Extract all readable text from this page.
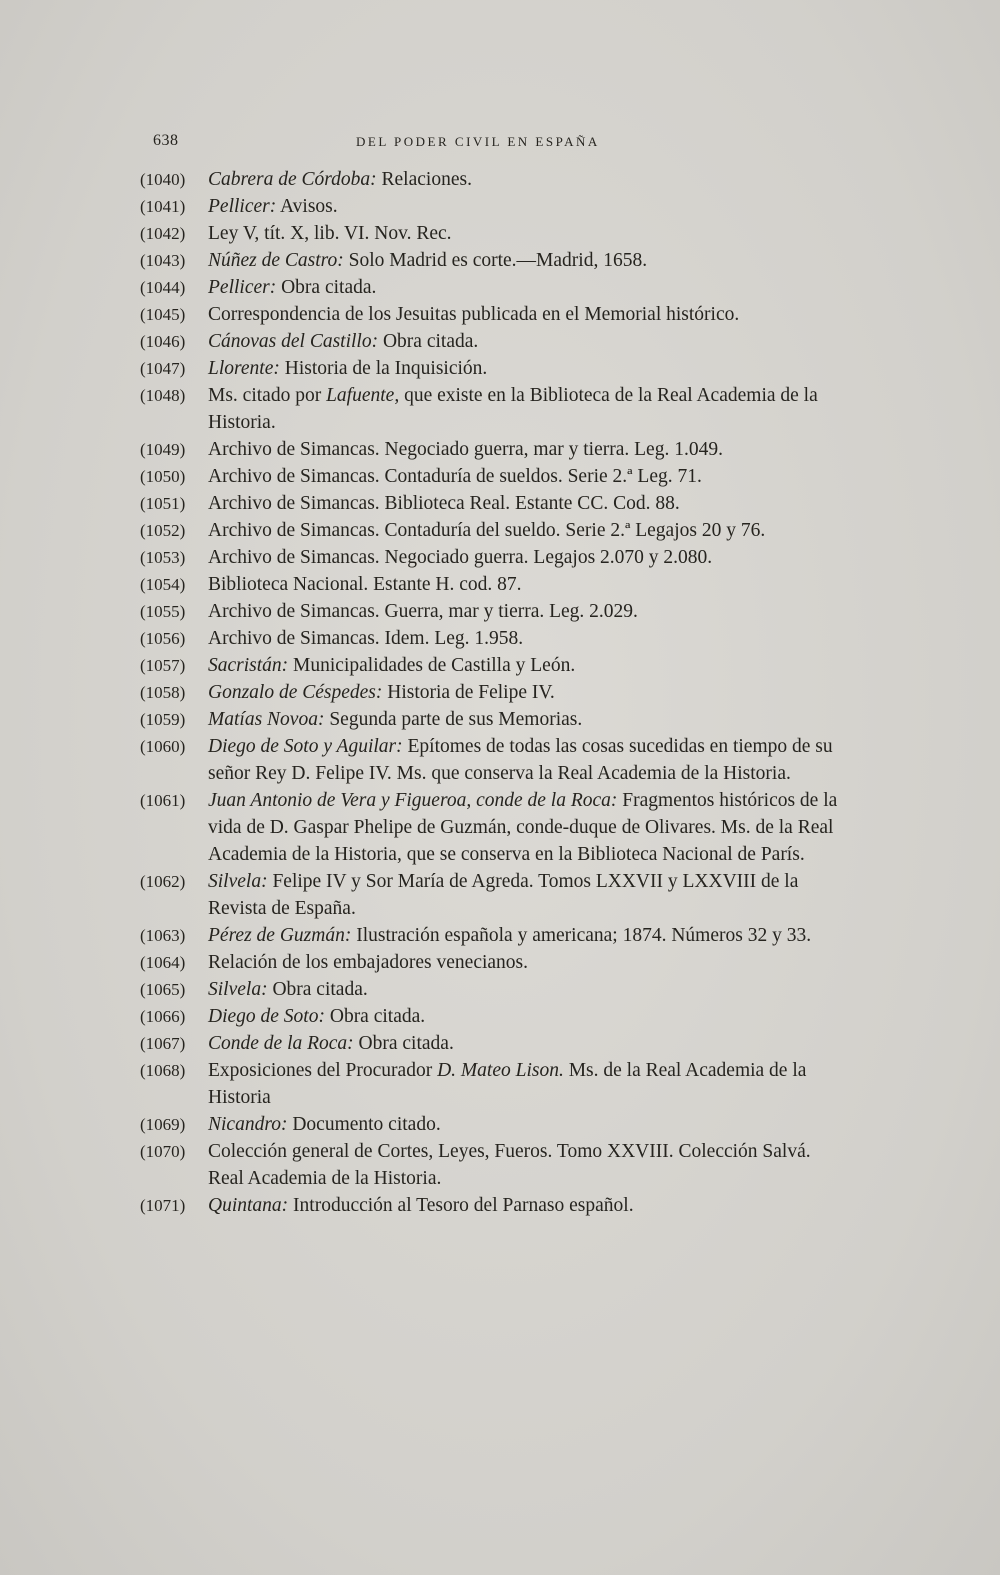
638	DEL PODER CIVIL EN ESPAÑA
(1040) Cabrera de Córdoba: Relaciones.
(1041) Pellicer: Avisos.
(1042) Ley V, tít. X, lib. VI. Nov. Rec.
(1043) Núñez de Castro: Solo Madrid es corte.—Madrid, 1658.
(1044) Pellicer: Obra citada.
(1045) Correspondencia de los Jesuitas publicada en el Memorial histórico.
(1046) Cánovas del Castillo: Obra citada.
(1047) Llorente: Historia de la Inquisición.
(1048) Ms. citado por Lafuente, que existe en la Biblioteca de la Real Academia de la Historia.
(1049) Archivo de Simancas. Negociado guerra, mar y tierra. Leg. 1.049.
(1050) Archivo de Simancas. Contaduría de sueldos. Serie 2.ª Leg. 71.
(1051) Archivo de Simancas. Biblioteca Real. Estante CC. Cod. 88.
(1052) Archivo de Simancas. Contaduría del sueldo. Serie 2.ª Legajos 20 y 76.
(1053) Archivo de Simancas. Negociado guerra. Legajos 2.070 y 2.080.
(1054) Biblioteca Nacional. Estante H. cod. 87.
(1055) Archivo de Simancas. Guerra, mar y tierra. Leg. 2.029.
(1056) Archivo de Simancas. Idem. Leg. 1.958.
(1057) Sacristán: Municipalidades de Castilla y León.
(1058) Gonzalo de Céspedes: Historia de Felipe IV.
(1059) Matías Novoa: Segunda parte de sus Memorias.
(1060) Diego de Soto y Aguilar: Epítomes de todas las cosas sucedidas en tiempo de su señor Rey D. Felipe IV. Ms. que conserva la Real Academia de la Historia.
(1061) Juan Antonio de Vera y Figueroa, conde de la Roca: Fragmentos históricos de la vida de D. Gaspar Phelipe de Guzmán, conde-duque de Olivares. Ms. de la Real Academia de la Historia, que se conserva en la Biblioteca Nacional de París.
(1062) Silvela: Felipe IV y Sor María de Agreda. Tomos LXXVII y LXXVIII de la Revista de España.
(1063) Pérez de Guzmán: Ilustración española y americana; 1874. Números 32 y 33.
(1064) Relación de los embajadores venecianos.
(1065) Silvela: Obra citada.
(1066) Diego de Soto: Obra citada.
(1067) Conde de la Roca: Obra citada.
(1068) Exposiciones del Procurador D. Mateo Lison. Ms. de la Real Academia de la Historia
(1069) Nicandro: Documento citado.
(1070) Colección general de Cortes, Leyes, Fueros. Tomo XXVIII. Colección Salvá. Real Academia de la Historia.
(1071) Quintana: Introducción al Tesoro del Parnaso español.
